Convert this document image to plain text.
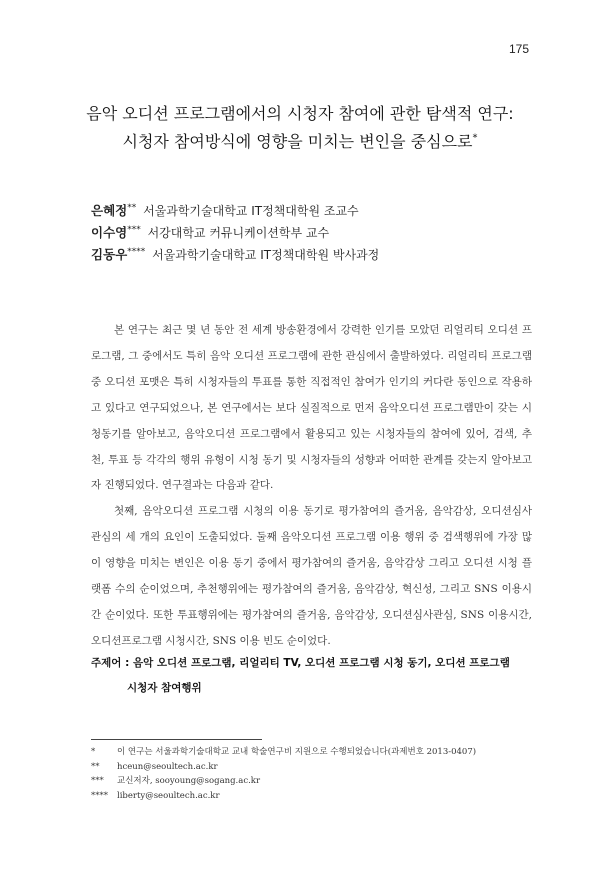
175
음악 오디션 프로그램에서의 시청자 참여에 관한 탐색적 연구:
시청자 참여방식에 영향을 미치는 변인을 중심으로*
은혜정** 서울과학기술대학교 IT정책대학원 조교수
이수영*** 서강대학교 커뮤니케이션학부 교수
김동우**** 서울과학기술대학교 IT정책대학원 박사과정

본 연구는 최근 몇 년 동안 전 세계 방송환경에서 강력한 인기를 모았던 리얼리티 오디션 프로그램, 그 중에서도 특히 음악 오디션 프로그램에 관한 관심에서 출발하였다. 리얼리티 프로그램중 오디션 포맷은 특히 시청자들의 투표를 통한 직접적인 참여가 인기의 커다란 동인으로 작용하고 있다고 연구되었으나, 본 연구에서는 보다 실질적으로 먼저 음악오디션 프로그램만이 갖는 시청동기를 알아보고, 음악오디션 프로그램에서 활용되고 있는 시청자들의 참여에 있어, 검색, 추천, 투표 등 각각의 행위 유형이 시청 동기 및 시청자들의 성향과 어떠한 관계를 갖는지 알아보고자 진행되었다. 연구결과는 다음과 같다.

첫째, 음악오디션 프로그램 시청의 이용 동기로 평가참여의 즐거움, 음악감상, 오디션심사 관심의 세 개의 요인이 도출되었다. 둘째 음악오디션 프로그램 이용 행위 중 검색행위에 가장 많이 영향을 미치는 변인은 이용 동기 중에서 평가참여의 즐거움, 음악감상 그리고 오디션 시청 플랫폼 수의 순이었으며, 추천행위에는 평가참여의 즐거움, 음악감상, 혁신성, 그리고 SNS 이용시간 순이었다. 또한 투표행위에는 평가참여의 즐거움, 음악감상, 오디션심사관심, SNS 이용시간, 오디션프로그램 시청시간, SNS 이용 빈도 순이었다.

주제어 : 음악 오디션 프로그램, 리얼리티 TV, 오디션 프로그램 시청 동기, 오디션 프로그램
시청자 참여행위
*	이 연구는 서울과학기술대학교 교내 학술연구비 지원으로 수행되었습니다(과제번호 2013-0407)
** hceun@seoultech.ac.kr
*** 교신저자, sooyoung@sogang.ac.kr
**** liberty@seoultech.ac.kr
